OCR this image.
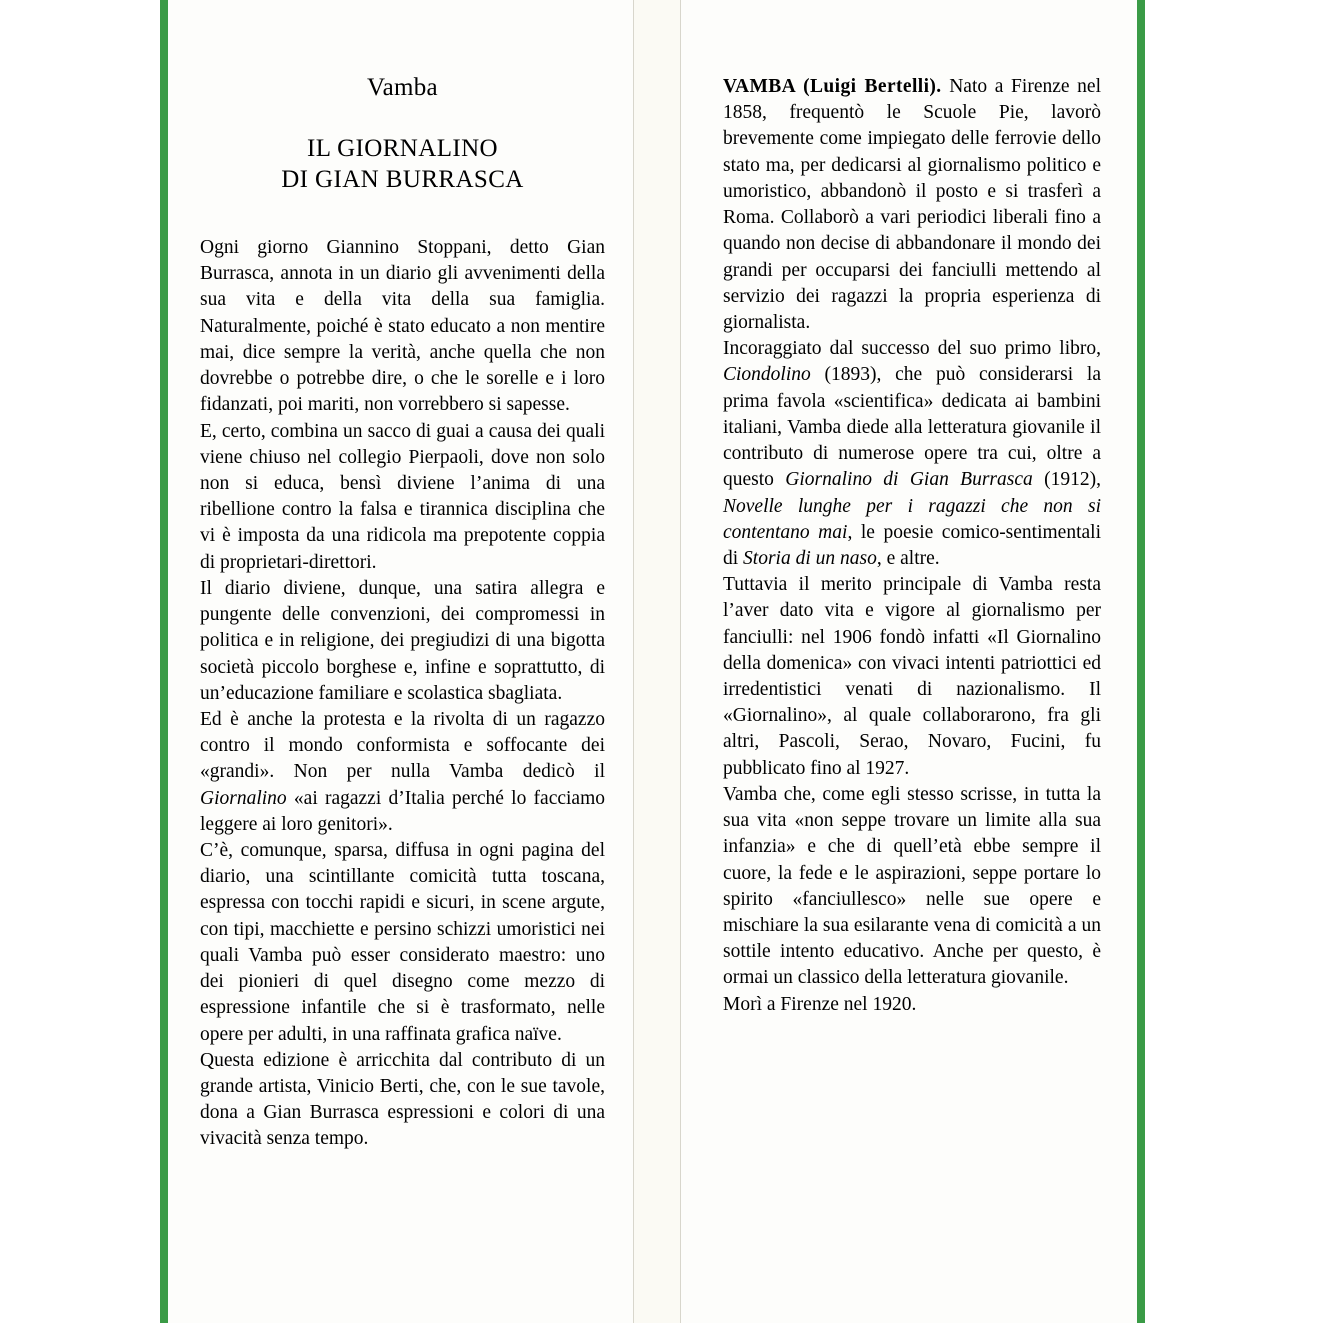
Vamba
IL GIORNALINO
DI GIAN BURRASCA

Ogni giorno Giannino Stoppani, detto Gian Burrasca, annota in un diario gli avvenimenti della sua vita e della vita della sua famiglia. Naturalmente, poiché è stato educato a non mentire mai, dice sempre la verità, anche quella che non dovrebbe o potrebbe dire, o che le sorelle e i loro fidanzati, poi mariti, non vorrebbero si sapesse.

E, certo, combina un sacco di guai a causa dei quali viene chiuso nel collegio Pierpaoli, dove non solo non si educa, bensì diviene l’anima di una ribellione contro la falsa e tirannica disciplina che vi è imposta da una ridicola ma prepotente coppia di proprietari-direttori.

Il diario diviene, dunque, una satira allegra e pungente delle convenzioni, dei compromessi in politica e in religione, dei pregiudizi di una bigotta società piccolo borghese e, infine e soprattutto, di un’educazione familiare e scolastica sbagliata.

Ed è anche la protesta e la rivolta di un ragazzo contro il mondo conformista e soffocante dei «grandi». Non per nulla Vamba dedicò il Giornalino «ai ragazzi d’Italia perché lo facciamo leggere ai loro genitori».

C’è, comunque, sparsa, diffusa in ogni pagina del diario, una scintillante comicità tutta toscana, espressa con tocchi rapidi e sicuri, in scene argute, con tipi, macchiette e persino schizzi umoristici nei quali Vamba può esser considerato maestro: uno dei pionieri di quel disegno come mezzo di espressione infantile che si è trasformato, nelle opere per adulti, in una raffinata grafica naïve.

Questa edizione è arricchita dal contributo di un grande artista, Vinicio Berti, che, con le sue tavole, dona a Gian Burrasca espressioni e colori di una vivacità senza tempo.

VAMBA (Luigi Bertelli). Nato a Firenze nel 1858, frequentò le Scuole Pie, lavorò brevemente come impiegato delle ferrovie dello stato ma, per dedicarsi al giornalismo politico e umoristico, abbandonò il posto e si trasferì a Roma. Collaborò a vari periodici liberali fino a quando non decise di abbandonare il mondo dei grandi per occuparsi dei fanciulli mettendo al servizio dei ragazzi la propria esperienza di giornalista.

Incoraggiato dal successo del suo primo libro, Ciondolino (1893), che può considerarsi la prima favola «scientifica» dedicata ai bambini italiani, Vamba diede alla letteratura giovanile il contributo di numerose opere tra cui, oltre a questo Giornalino di Gian Burrasca (1912), Novelle lunghe per i ragazzi che non si contentano mai, le poesie comico-sentimentali di Storia di un naso, e altre.

Tuttavia il merito principale di Vamba resta l’aver dato vita e vigore al giornalismo per fanciulli: nel 1906 fondò infatti «Il Giornalino della domenica» con vivaci intenti patriottici ed irredentistici venati di nazionalismo. Il «Giornalino», al quale collaborarono, fra gli altri, Pascoli, Serao, Novaro, Fucini, fu pubblicato fino al 1927.

Vamba che, come egli stesso scrisse, in tutta la sua vita «non seppe trovare un limite alla sua infanzia» e che di quell’età ebbe sempre il cuore, la fede e le aspirazioni, seppe portare lo spirito «fanciullesco» nelle sue opere e mischiare la sua esilarante vena di comicità a un sottile intento educativo. Anche per questo, è ormai un classico della letteratura giovanile.

Morì a Firenze nel 1920.
